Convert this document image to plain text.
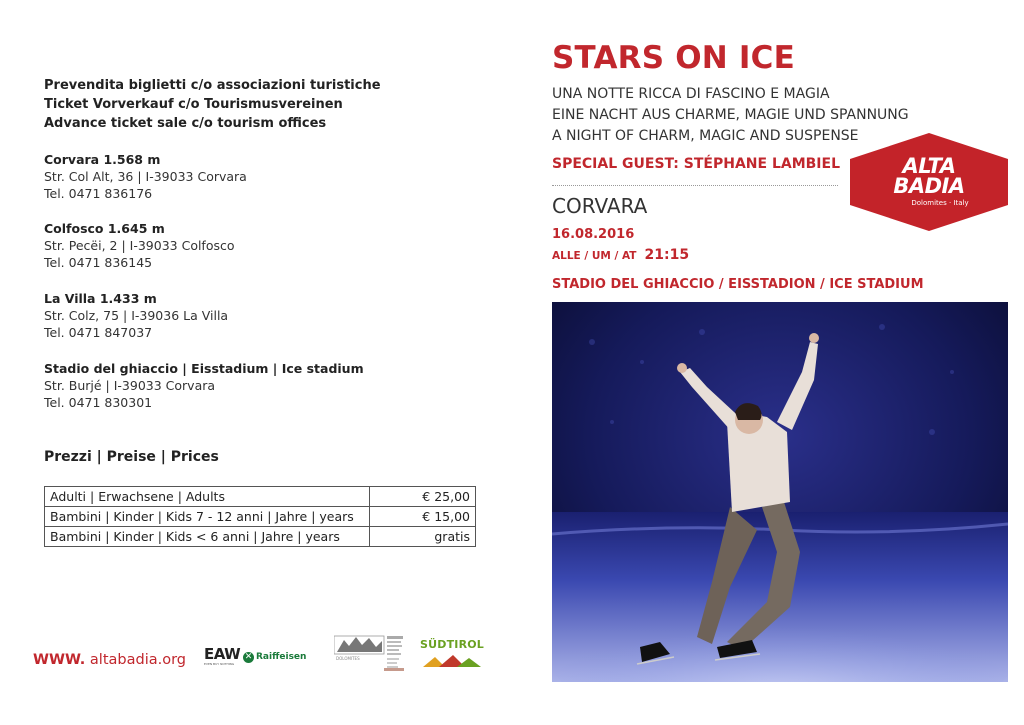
Prevendita biglietti c/o associazioni turistiche
Ticket Vorverkauf c/o Tourismusvereinen
Advance ticket sale c/o tourism offices
Corvara 1.568 m
Str. Col Alt, 36 | I-39033 Corvara
Tel. 0471 836176
Colfosco 1.645 m
Str. Pecëi, 2 | I-39033 Colfosco
Tel. 0471 836145
La Villa 1.433 m
Str. Colz, 75 | I-39036 La Villa
Tel. 0471 847037
Stadio del ghiaccio | Eisstadium | Ice stadium
Str. Burjé | I-39033 Corvara
Tel. 0471 830301
Prezzi | Preise | Prices
Adulti | Erwachsene | Adults	€ 25,00
Bambini | Kinder | Kids 7 - 12 anni | Jahre | years	€ 15,00
Bambini | Kinder | Kids < 6 anni | Jahre | years	gratis
WWW. altabadia.org EAW
EVEN BUY NOTHING
✕ Raiffeisen	DOLOMITES
SÜDTIROL
STARS ON ICE
UNA NOTTE RICCA DI FASCINO E MAGIA
EINE NACHT AUS CHARME, MAGIE UND SPANNUNG
A NIGHT OF CHARM, MAGIC AND SUSPENSE
SPECIAL GUEST: STÉPHANE LAMBIEL
CORVARA
16.08.2016
ALLE / UM / AT 21:15
STADIO DEL GHIACCIO / EISSTADION / ICE STADIUM
ALTA
BADIA
Dolomites · Italy
